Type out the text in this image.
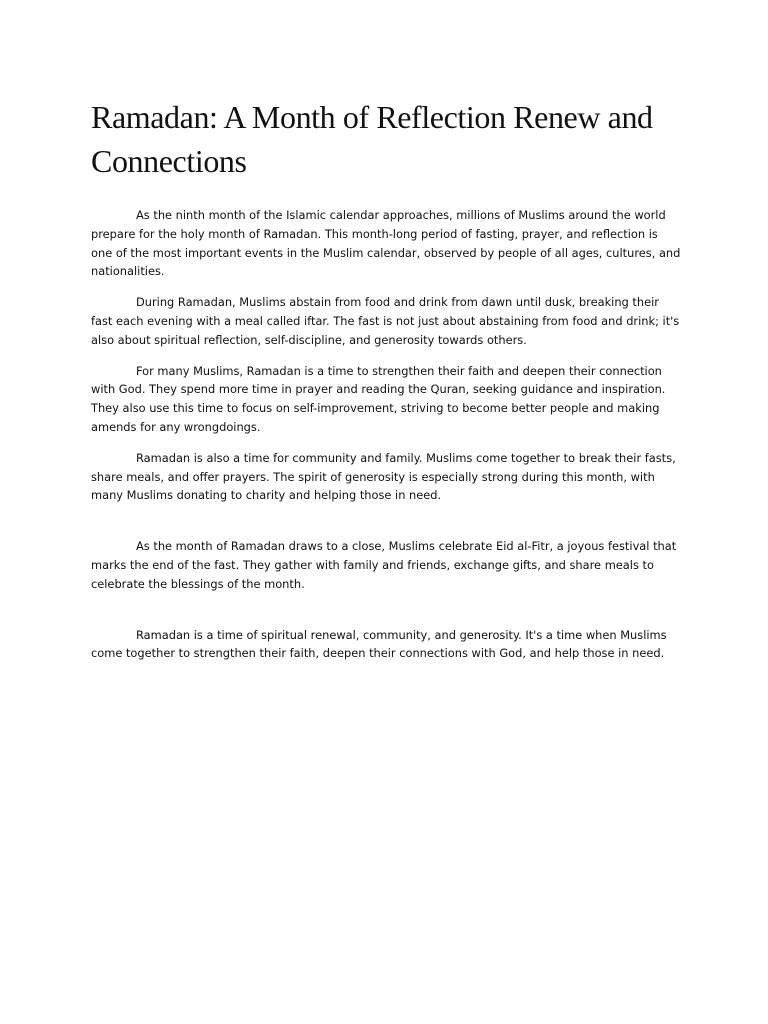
Ramadan: A Month of Reflection Renew and Connections

As the ninth month of the Islamic calendar approaches, millions of Muslims around the world prepare for the holy month of Ramadan. This month-long period of fasting, prayer, and reflection is one of the most important events in the Muslim calendar, observed by people of all ages, cultures, and nationalities.

During Ramadan, Muslims abstain from food and drink from dawn until dusk, breaking their fast each evening with a meal called iftar. The fast is not just about abstaining from food and drink; it's also about spiritual reflection, self-discipline, and generosity towards others.

For many Muslims, Ramadan is a time to strengthen their faith and deepen their connection with God. They spend more time in prayer and reading the Quran, seeking guidance and inspiration. They also use this time to focus on self-improvement, striving to become better people and making amends for any wrongdoings.

Ramadan is also a time for community and family. Muslims come together to break their fasts, share meals, and offer prayers. The spirit of generosity is especially strong during this month, with many Muslims donating to charity and helping those in need.

As the month of Ramadan draws to a close, Muslims celebrate Eid al-Fitr, a joyous festival that marks the end of the fast. They gather with family and friends, exchange gifts, and share meals to celebrate the blessings of the month.

Ramadan is a time of spiritual renewal, community, and generosity. It's a time when Muslims come together to strengthen their faith, deepen their connections with God, and help those in need.
